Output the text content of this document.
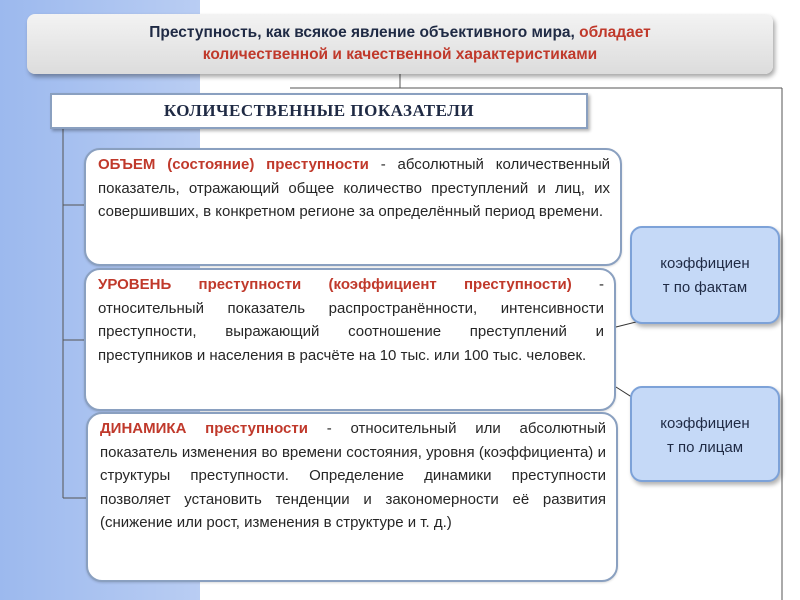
Преступность, как всякое явление объективного мира, обладает
количественной и качественной характеристиками
КОЛИЧЕСТВЕННЫЕ ПОКАЗАТЕЛИ
ОБЪЕМ (состояние) преступности - абсолютный количественный показатель, отражающий общее количество преступлений и лиц, их совершивших, в конкретном регионе за определённый период времени.
УРОВЕНЬ преступности (коэффициент преступности) - относительный показатель распространённости, интенсивности преступности, выражающий соотношение преступлений и преступников и населения в расчёте на 10 тыс. или 100 тыс. человек.
ДИНАМИКА преступности - относительный или абсолютный показатель изменения во времени состояния, уровня (коэффициента) и структуры преступности. Определение динамики преступности позволяет установить тенденции и закономерности её развития (снижение или рост, изменения в структуре и т. д.)
коэффициен
т по фактам
коэффициен
т по лицам
